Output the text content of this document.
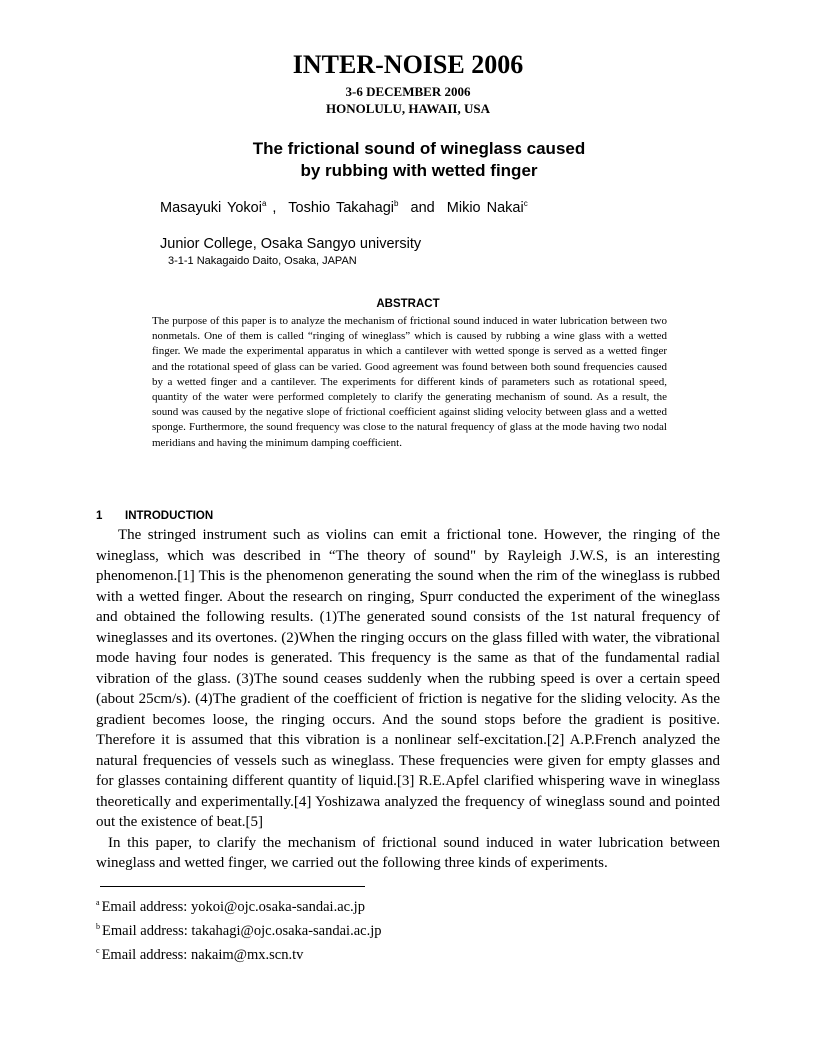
INTER-NOISE 2006
3-6 DECEMBER 2006
HONOLULU, HAWAII, USA
The frictional sound of wineglass caused
by rubbing with wetted finger
Masayuki Yokoi$^a$ , Toshio Takahagi$^b$  and Mikio Nakai$^c$
Junior College, Osaka Sangyo university
3-1-1 Nakagaido Daito, Osaka, JAPAN
ABSTRACT
The purpose of this paper is to analyze the mechanism of frictional sound induced in water lubrication between two nonmetals. One of them is called “ringing of wineglass” which is caused by rubbing a wine glass with a wetted finger. We made the experimental apparatus in which a cantilever with wetted sponge is served as a wetted finger and the rotational speed of glass can be varied. Good agreement was found between both sound frequencies caused by a wetted finger and a cantilever. The experiments for different kinds of parameters such as rotational speed, quantity of the water were performed completely to clarify the generating mechanism of sound. As a result, the sound was caused by the negative slope of frictional coefficient against sliding velocity between glass and a wetted sponge. Furthermore, the sound frequency was close to the natural frequency of glass at the mode having two nodal meridians and having the minimum damping coefficient.
1 INTRODUCTION

The stringed instrument such as violins can emit a frictional tone. However, the ringing of the wineglass, which was described in “The theory of sound" by Rayleigh J.W.S, is an interesting phenomenon.[1] This is the phenomenon generating the sound when the rim of the wineglass is rubbed with a wetted finger. About the research on ringing, Spurr conducted the experiment of the wineglass and obtained the following results. (1)The generated sound consists of the 1st natural frequency of wineglasses and its overtones. (2)When the ringing occurs on the glass filled with water, the vibrational mode having four nodes is generated. This frequency is the same as that of the fundamental radial vibration of the glass. (3)The sound ceases suddenly when the rubbing speed is over a certain speed (about 25cm/s). (4)The gradient of the coefficient of friction is negative for the sliding velocity. As the gradient becomes loose, the ringing occurs. And the sound stops before the gradient is positive. Therefore it is assumed that this vibration is a nonlinear self-excitation.[2] A.P.French analyzed the natural frequencies of vessels such as wineglass. These frequencies were given for empty glasses and for glasses containing different quantity of liquid.[3] R.E.Apfel clarified whispering wave in wineglass theoretically and experimentally.[4] Yoshizawa analyzed the frequency of wineglass sound and pointed out the existence of beat.[5]

In this paper, to clarify the mechanism of frictional sound induced in water lubrication between wineglass and wetted finger, we carried out the following three kinds of experiments.

$^a$ Email address: yokoi@ojc.osaka-sandai.ac.jp
$^b$ Email address: takahagi@ojc.osaka-sandai.ac.jp
$^c$ Email address: nakaim@mx.scn.tv
